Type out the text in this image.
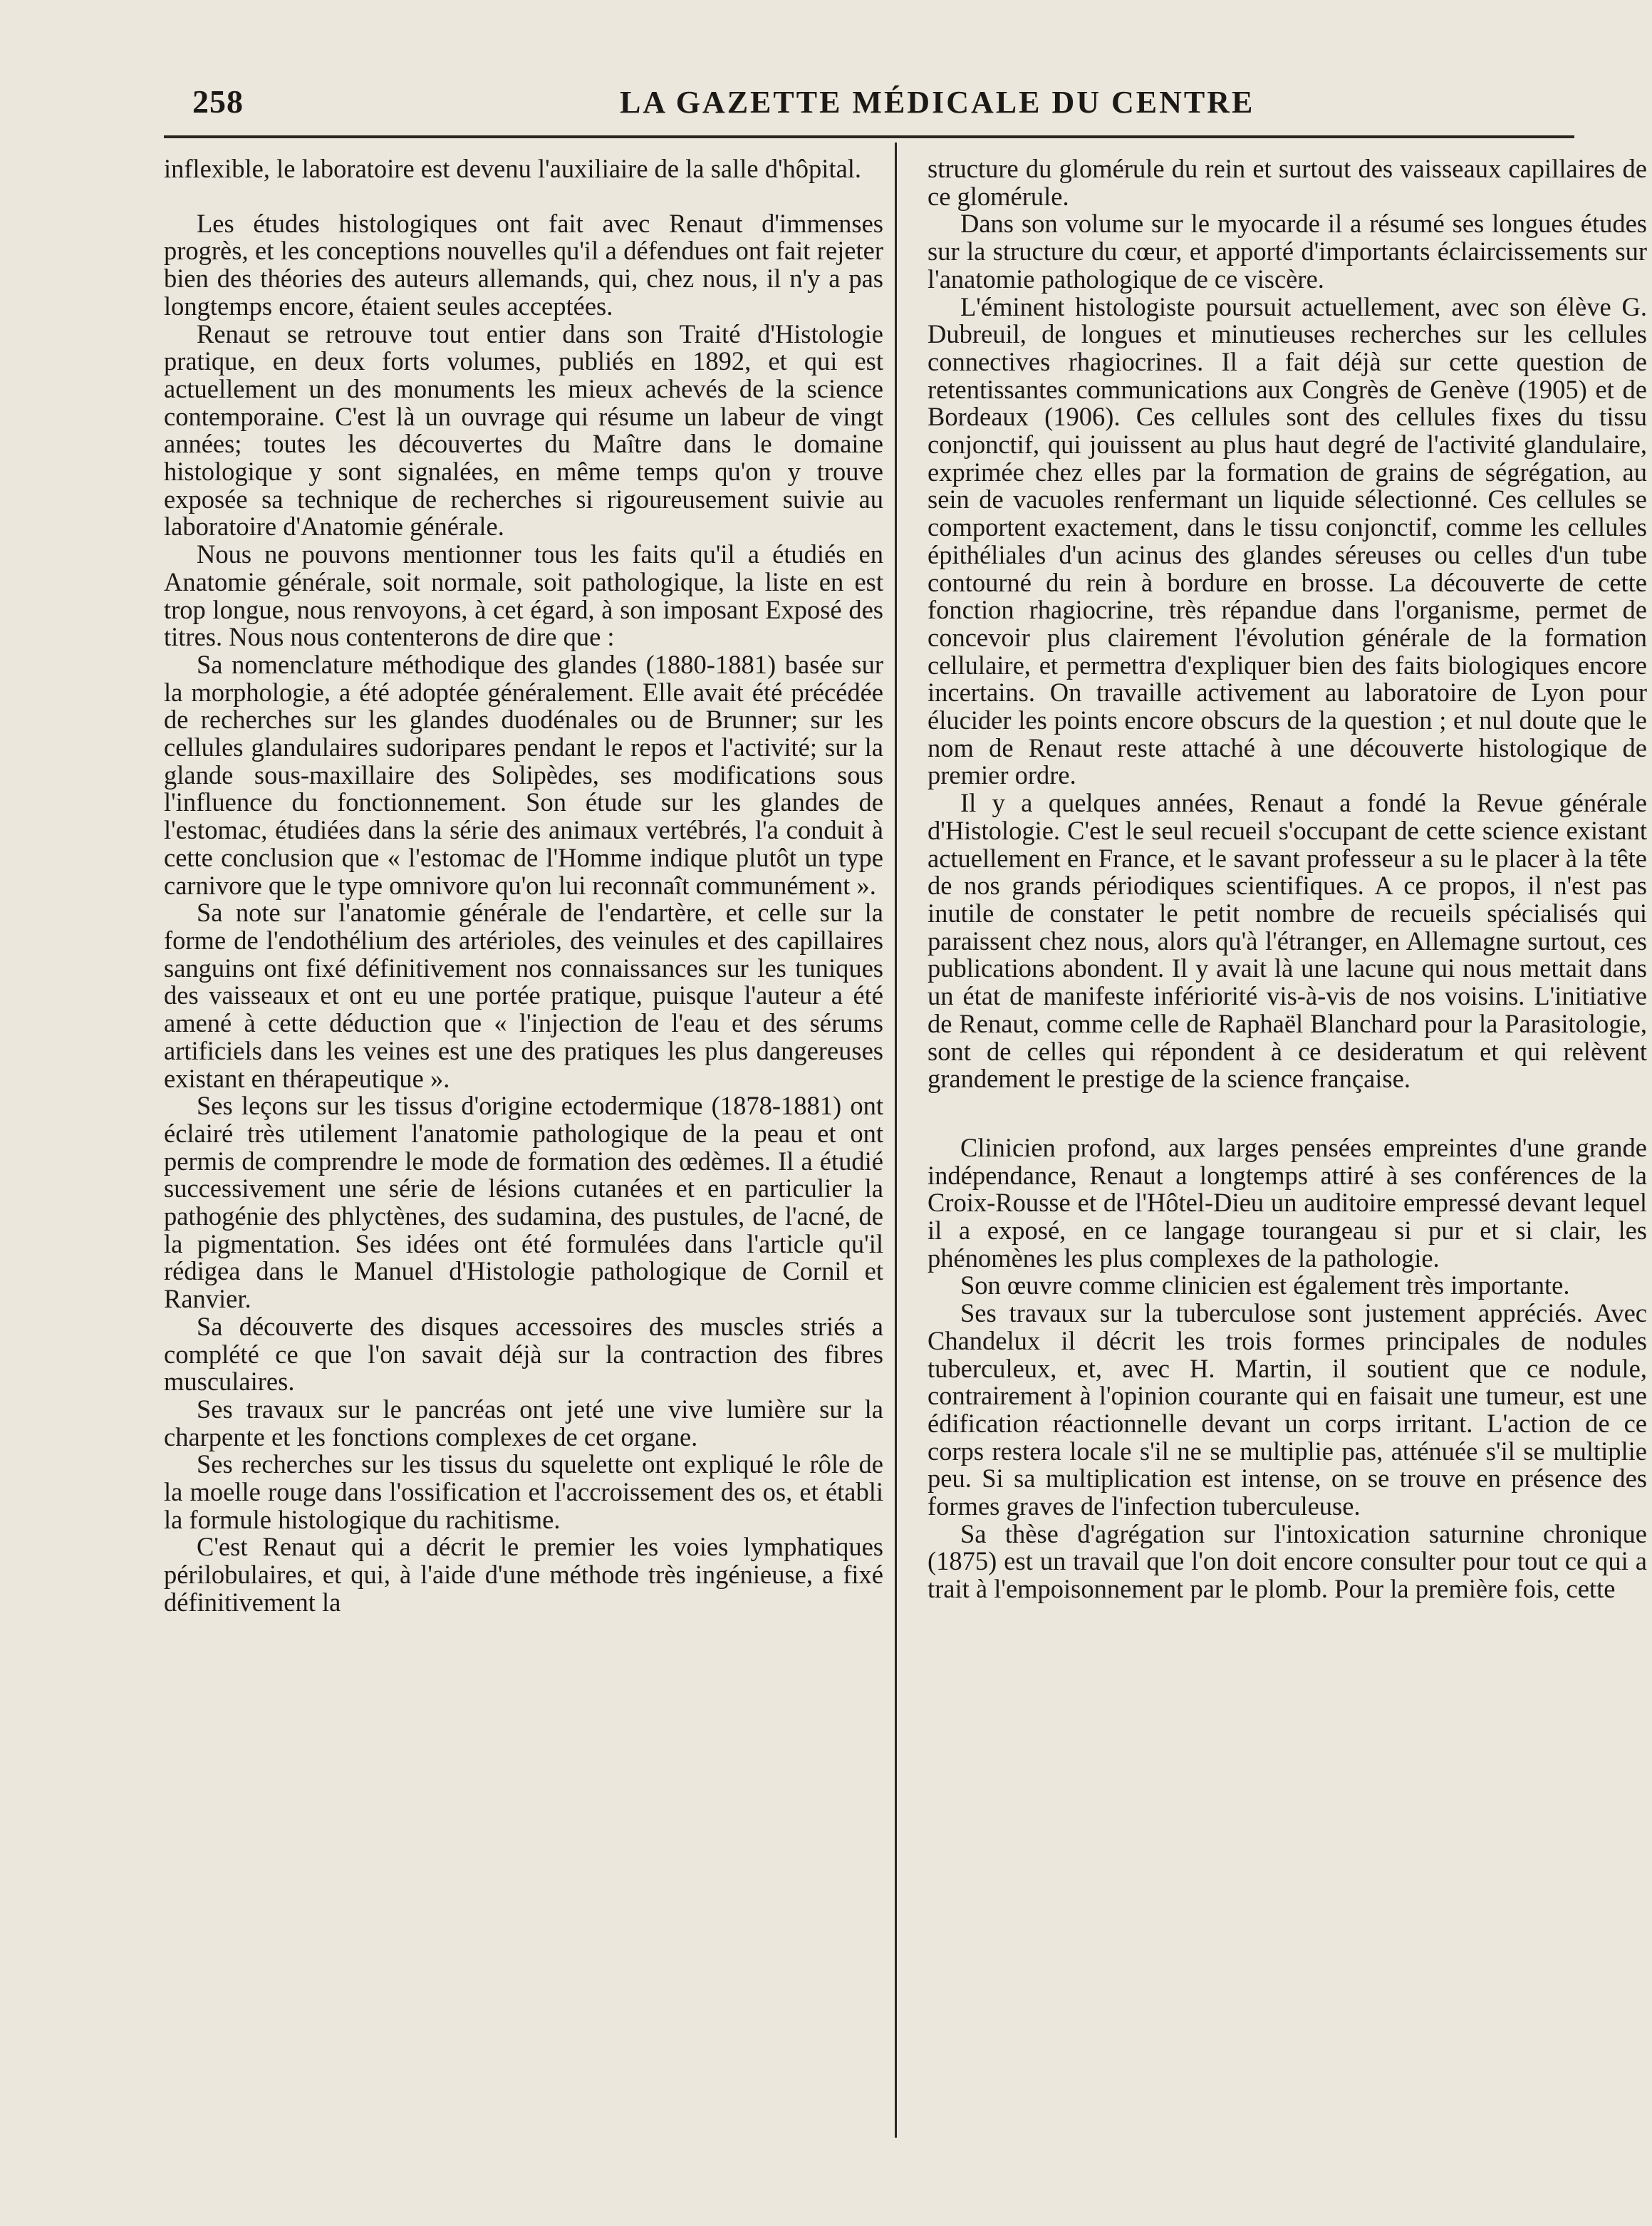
258	LA GAZETTE MÉDICALE DU CENTRE

inflexible, le laboratoire est devenu l'auxiliaire de la salle d'hôpital.

Les études histologiques ont fait avec Renaut d'immenses progrès, et les conceptions nouvelles qu'il a défendues ont fait rejeter bien des théories des auteurs allemands, qui, chez nous, il n'y a pas longtemps encore, étaient seules acceptées.

Renaut se retrouve tout entier dans son Traité d'Histologie pratique, en deux forts volumes, publiés en 1892, et qui est actuellement un des monuments les mieux achevés de la science contemporaine. C'est là un ouvrage qui résume un labeur de vingt années; toutes les découvertes du Maître dans le domaine histologique y sont signalées, en même temps qu'on y trouve exposée sa technique de recherches si rigoureusement suivie au laboratoire d'Anatomie générale.

Nous ne pouvons mentionner tous les faits qu'il a étudiés en Anatomie générale, soit normale, soit pathologique, la liste en est trop longue, nous renvoyons, à cet égard, à son imposant Exposé des titres. Nous nous contenterons de dire que :

Sa nomenclature méthodique des glandes (1880-1881) basée sur la morphologie, a été adoptée généralement. Elle avait été précédée de recherches sur les glandes duodénales ou de Brunner; sur les cellules glandulaires sudoripares pendant le repos et l'activité; sur la glande sous-maxillaire des Solipèdes, ses modifications sous l'influence du fonctionnement. Son étude sur les glandes de l'estomac, étudiées dans la série des animaux vertébrés, l'a conduit à cette conclusion que « l'estomac de l'Homme indique plutôt un type carnivore que le type omnivore qu'on lui reconnaît communément ».

Sa note sur l'anatomie générale de l'endartère, et celle sur la forme de l'endothélium des artérioles, des veinules et des capillaires sanguins ont fixé définitivement nos connaissances sur les tuniques des vaisseaux et ont eu une portée pratique, puisque l'auteur a été amené à cette déduction que « l'injection de l'eau et des sérums artificiels dans les veines est une des pratiques les plus dangereuses existant en thérapeutique ».

Ses leçons sur les tissus d'origine ectodermique (1878-1881) ont éclairé très utilement l'anatomie pathologique de la peau et ont permis de comprendre le mode de formation des œdèmes. Il a étudié successivement une série de lésions cutanées et en particulier la pathogénie des phlyctènes, des sudamina, des pustules, de l'acné, de la pigmentation. Ses idées ont été formulées dans l'article qu'il rédigea dans le Manuel d'Histologie pathologique de Cornil et Ranvier.

Sa découverte des disques accessoires des muscles striés a complété ce que l'on savait déjà sur la contraction des fibres musculaires.

Ses travaux sur le pancréas ont jeté une vive lumière sur la charpente et les fonctions complexes de cet organe.

Ses recherches sur les tissus du squelette ont expliqué le rôle de la moelle rouge dans l'ossification et l'accroissement des os, et établi la formule histologique du rachitisme.

C'est Renaut qui a décrit le premier les voies lymphatiques périlobulaires, et qui, à l'aide d'une méthode très ingénieuse, a fixé définitivement la

structure du glomérule du rein et surtout des vaisseaux capillaires de ce glomérule.

Dans son volume sur le myocarde il a résumé ses longues études sur la structure du cœur, et apporté d'importants éclaircissements sur l'anatomie pathologique de ce viscère.

L'éminent histologiste poursuit actuellement, avec son élève G. Dubreuil, de longues et minutieuses recherches sur les cellules connectives rhagiocrines. Il a fait déjà sur cette question de retentissantes communications aux Congrès de Genève (1905) et de Bordeaux (1906). Ces cellules sont des cellules fixes du tissu conjonctif, qui jouissent au plus haut degré de l'activité glandulaire, exprimée chez elles par la formation de grains de ségrégation, au sein de vacuoles renfermant un liquide sélectionné. Ces cellules se comportent exactement, dans le tissu conjonctif, comme les cellules épithéliales d'un acinus des glandes séreuses ou celles d'un tube contourné du rein à bordure en brosse. La découverte de cette fonction rhagiocrine, très répandue dans l'organisme, permet de concevoir plus clairement l'évolution générale de la formation cellulaire, et permettra d'expliquer bien des faits biologiques encore incertains. On travaille activement au laboratoire de Lyon pour élucider les points encore obscurs de la question ; et nul doute que le nom de Renaut reste attaché à une découverte histologique de premier ordre.

Il y a quelques années, Renaut a fondé la Revue générale d'Histologie. C'est le seul recueil s'occupant de cette science existant actuellement en France, et le savant professeur a su le placer à la tête de nos grands périodiques scientifiques. A ce propos, il n'est pas inutile de constater le petit nombre de recueils spécialisés qui paraissent chez nous, alors qu'à l'étranger, en Allemagne surtout, ces publications abondent. Il y avait là une lacune qui nous mettait dans un état de manifeste infériorité vis-à-vis de nos voisins. L'initiative de Renaut, comme celle de Raphaël Blanchard pour la Parasitologie, sont de celles qui répondent à ce desideratum et qui relèvent grandement le prestige de la science française.

Clinicien profond, aux larges pensées empreintes d'une grande indépendance, Renaut a longtemps attiré à ses conférences de la Croix-Rousse et de l'Hôtel-Dieu un auditoire empressé devant lequel il a exposé, en ce langage tourangeau si pur et si clair, les phénomènes les plus complexes de la pathologie.

Son œuvre comme clinicien est également très importante.

Ses travaux sur la tuberculose sont justement appréciés. Avec Chandelux il décrit les trois formes principales de nodules tuberculeux, et, avec H. Martin, il soutient que ce nodule, contrairement à l'opinion courante qui en faisait une tumeur, est une édification réactionnelle devant un corps irritant. L'action de ce corps restera locale s'il ne se multiplie pas, atténuée s'il se multiplie peu. Si sa multiplication est intense, on se trouve en présence des formes graves de l'infection tuberculeuse.

Sa thèse d'agrégation sur l'intoxication saturnine chronique (1875) est un travail que l'on doit encore consulter pour tout ce qui a trait à l'empoisonnement par le plomb. Pour la première fois, cette
